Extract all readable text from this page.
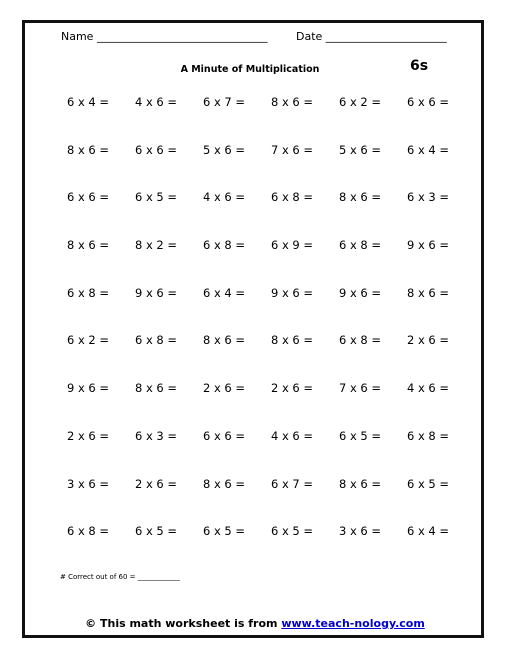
Name _______________________________	Date ______________________
A Minute of Multiplication	6s
6 x 4 =	4 x 6 =	6 x 7 =	8 x 6 =	6 x 2 =	6 x 6 =
8 x 6 =	6 x 6 =	5 x 6 =	7 x 6 =	5 x 6 =	6 x 4 =
6 x 6 =	6 x 5 =	4 x 6 =	6 x 8 =	8 x 6 =	6 x 3 =
8 x 6 =	8 x 2 =	6 x 8 =	6 x 9 =	6 x 8 =	9 x 6 =
6 x 8 =	9 x 6 =	6 x 4 =	9 x 6 =	9 x 6 =	8 x 6 =
6 x 2 =	6 x 8 =	8 x 6 =	8 x 6 =	6 x 8 =	2 x 6 =
9 x 6 =	8 x 6 =	2 x 6 =	2 x 6 =	7 x 6 =	4 x 6 =
2 x 6 =	6 x 3 =	6 x 6 =	4 x 6 =	6 x 5 =	6 x 8 =
3 x 6 =	2 x 6 =	8 x 6 =	6 x 7 =	8 x 6 =	6 x 5 =
6 x 8 =	6 x 5 =	6 x 5 =	6 x 5 =	3 x 6 =	6 x 4 =
# Correct out of 60 = ____________
© This math worksheet is from www.teach-nology.com
